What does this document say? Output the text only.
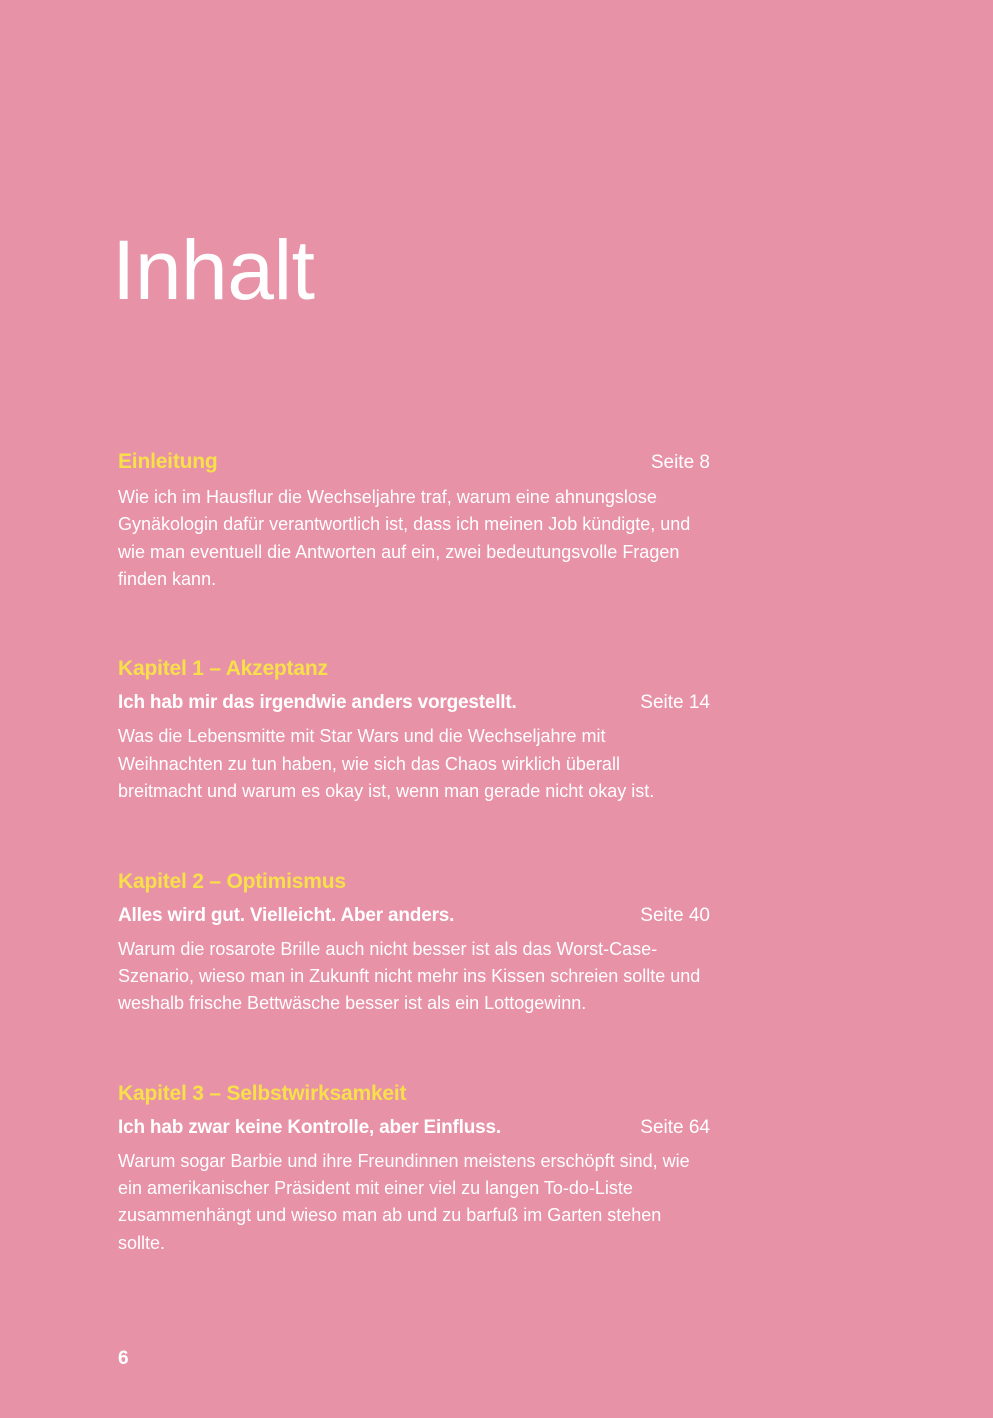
Inhalt
Einleitung	Seite 8
Wie ich im Hausflur die Wechseljahre traf, warum eine ahnungslose Gynäkologin dafür verantwortlich ist, dass ich meinen Job kündigte, und wie man eventuell die Antworten auf ein, zwei bedeutungsvolle Fragen finden kann.
Kapitel 1 – Akzeptanz
Ich hab mir das irgendwie anders vorgestellt.	Seite 14
Was die Lebensmitte mit Star Wars und die Wechseljahre mit Weihnachten zu tun haben, wie sich das Chaos wirklich überall breitmacht und warum es okay ist, wenn man gerade nicht okay ist.
Kapitel 2 – Optimismus
Alles wird gut. Vielleicht. Aber anders.	Seite 40
Warum die rosarote Brille auch nicht besser ist als das Worst-Case-Szenario, wieso man in Zukunft nicht mehr ins Kissen schreien sollte und weshalb frische Bettwäsche besser ist als ein Lottogewinn.
Kapitel 3 – Selbstwirksamkeit
Ich hab zwar keine Kontrolle, aber Einfluss.	Seite 64
Warum sogar Barbie und ihre Freundinnen meistens erschöpft sind, wie ein amerikanischer Präsident mit einer viel zu langen To-do-Liste zusammenhängt und wieso man ab und zu barfuß im Garten stehen sollte.
6
